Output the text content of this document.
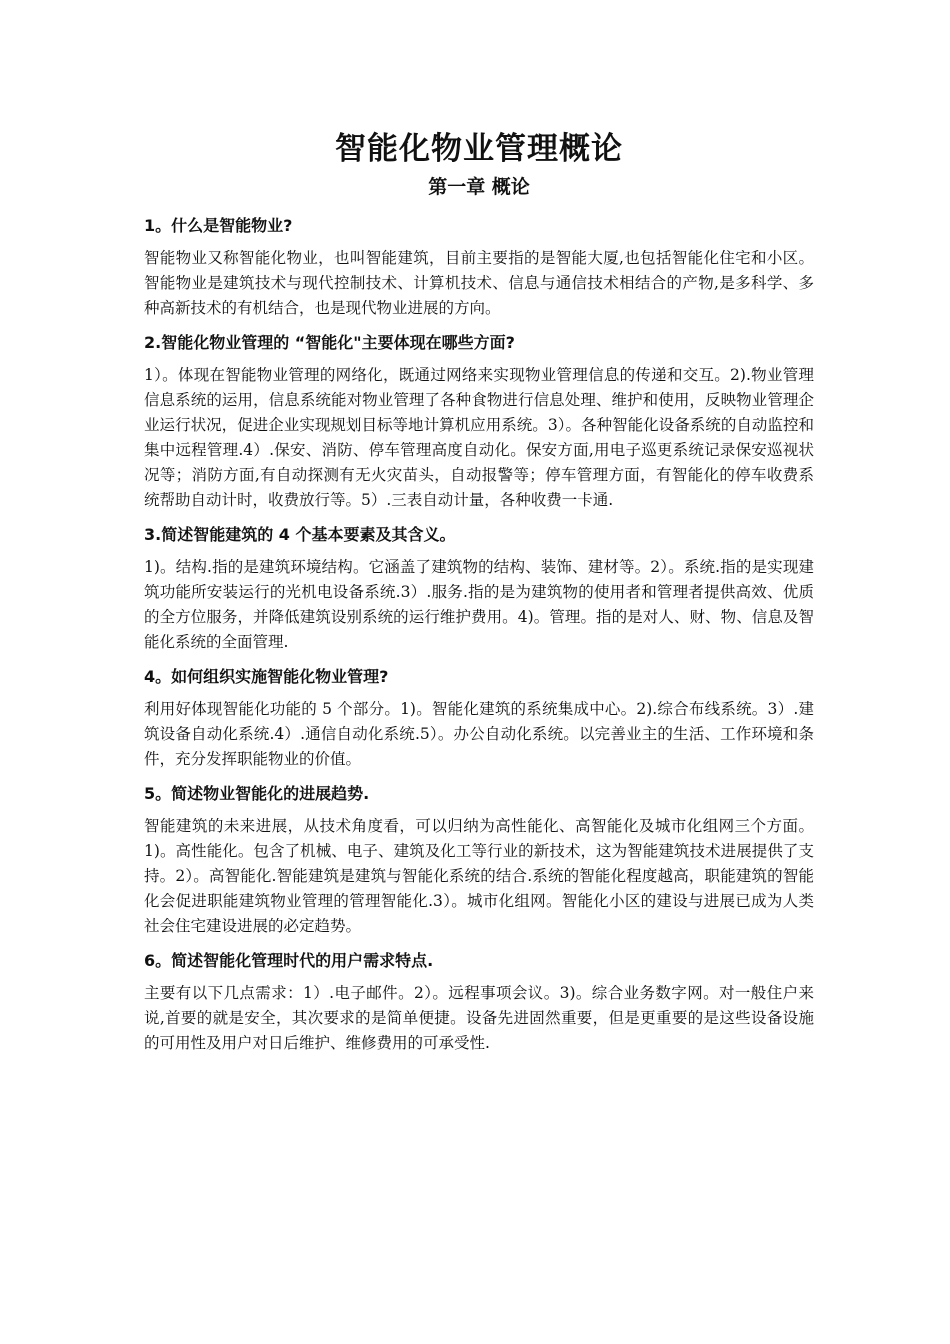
智能化物业管理概论
第一章 概论
1。什么是智能物业?

智能物业又称智能化物业，也叫智能建筑，目前主要指的是智能大厦,也包括智能化住宅和小区。智能物业是建筑技术与现代控制技术、计算机技术、信息与通信技术相结合的产物,是多科学、多种高新技术的有机结合，也是现代物业进展的方向。

2.智能化物业管理的 “智能化"主要体现在哪些方面?

1）。体现在智能物业管理的网络化，既通过网络来实现物业管理信息的传递和交互。2).物业管理信息系统的运用，信息系统能对物业管理了各种食物进行信息处理、维护和使用，反映物业管理企业运行状况，促进企业实现规划目标等地计算机应用系统。3）。各种智能化设备系统的自动监控和集中远程管理.4）.保安、消防、停车管理高度自动化。保安方面,用电子巡更系统记录保安巡视状况等；消防方面,有自动探测有无火灾苗头，自动报警等；停车管理方面，有智能化的停车收费系统帮助自动计时，收费放行等。5）.三表自动计量，各种收费一卡通.

3.简述智能建筑的 4 个基本要素及其含义。

1)。结构.指的是建筑环境结构。它涵盖了建筑物的结构、装饰、建材等。2）。系统.指的是实现建筑功能所安装运行的光机电设备系统.3）.服务.指的是为建筑物的使用者和管理者提供高效、优质的全方位服务，并降低建筑设别系统的运行维护费用。4)。管理。指的是对人、财、物、信息及智能化系统的全面管理.

4。如何组织实施智能化物业管理?

利用好体现智能化功能的 5 个部分。1)。智能化建筑的系统集成中心。2).综合布线系统。3）.建筑设备自动化系统.4）.通信自动化系统.5）。办公自动化系统。以完善业主的生活、工作环境和条件，充分发挥职能物业的价值。

5。简述物业智能化的进展趋势.

智能建筑的未来进展，从技术角度看，可以归纳为高性能化、高智能化及城市化组网三个方面。1)。高性能化。包含了机械、电子、建筑及化工等行业的新技术，这为智能建筑技术进展提供了支持。2）。高智能化.智能建筑是建筑与智能化系统的结合.系统的智能化程度越高，职能建筑的智能化会促进职能建筑物业管理的管理智能化.3）。城市化组网。智能化小区的建设与进展已成为人类社会住宅建设进展的必定趋势。

6。简述智能化管理时代的用户需求特点.

主要有以下几点需求：1）.电子邮件。2）。远程事项会议。3)。综合业务数字网。对一般住户来说,首要的就是安全，其次要求的是简单便捷。设备先进固然重要，但是更重要的是这些设备设施的可用性及用户对日后维护、维修费用的可承受性.
